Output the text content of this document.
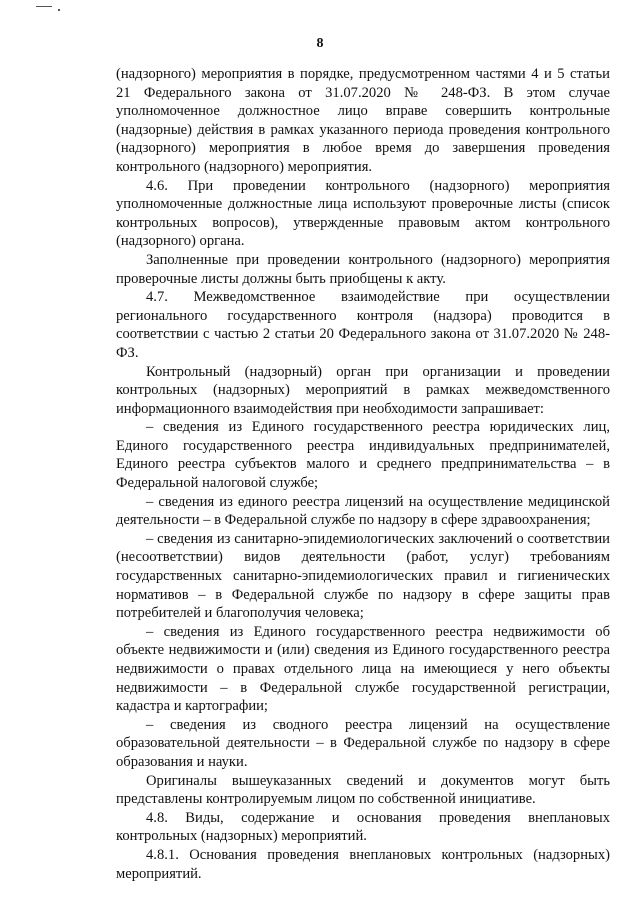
8

(надзорного) мероприятия в порядке, предусмотренном частями 4 и 5 статьи 21 Федерального закона от 31.07.2020 № 248-ФЗ. В этом случае уполномоченное должностное лицо вправе совершить контрольные (надзорные) действия в рамках указанного периода проведения контрольного (надзорного) мероприятия в любое время до завершения проведения контрольного (надзорного) мероприятия.

4.6. При проведении контрольного (надзорного) мероприятия уполномоченные должностные лица используют проверочные листы (список контрольных вопросов), утвержденные правовым актом контрольного (надзорного) органа.

Заполненные при проведении контрольного (надзорного) мероприятия проверочные листы должны быть приобщены к акту.

4.7. Межведомственное взаимодействие при осуществлении регионального государственного контроля (надзора) проводится в соответствии с частью 2 статьи 20 Федерального закона от 31.07.2020 № 248-ФЗ.

Контрольный (надзорный) орган при организации и проведении контрольных (надзорных) мероприятий в рамках межведомственного информационного взаимодействия при необходимости запрашивает:

– сведения из Единого государственного реестра юридических лиц, Единого государственного реестра индивидуальных предпринимателей, Единого реестра субъектов малого и среднего предпринимательства – в Федеральной налоговой службе;

– сведения из единого реестра лицензий на осуществление медицинской деятельности – в Федеральной службе по надзору в сфере здравоохранения;

– сведения из санитарно-эпидемиологических заключений о соответствии (несоответствии) видов деятельности (работ, услуг) требованиям государственных санитарно-эпидемиологических правил и гигиенических нормативов – в Федеральной службе по надзору в сфере защиты прав потребителей и благополучия человека;

– сведения из Единого государственного реестра недвижимости об объекте недвижимости и (или) сведения из Единого государственного реестра недвижимости о правах отдельного лица на имеющиеся у него объекты недвижимости – в Федеральной службе государственной регистрации, кадастра и картографии;

– сведения из сводного реестра лицензий на осуществление образовательной деятельности – в Федеральной службе по надзору в сфере образования и науки.

Оригиналы вышеуказанных сведений и документов могут быть представлены контролируемым лицом по собственной инициативе.

4.8. Виды, содержание и основания проведения внеплановых контрольных (надзорных) мероприятий.

4.8.1. Основания проведения внеплановых контрольных (надзорных) мероприятий.
